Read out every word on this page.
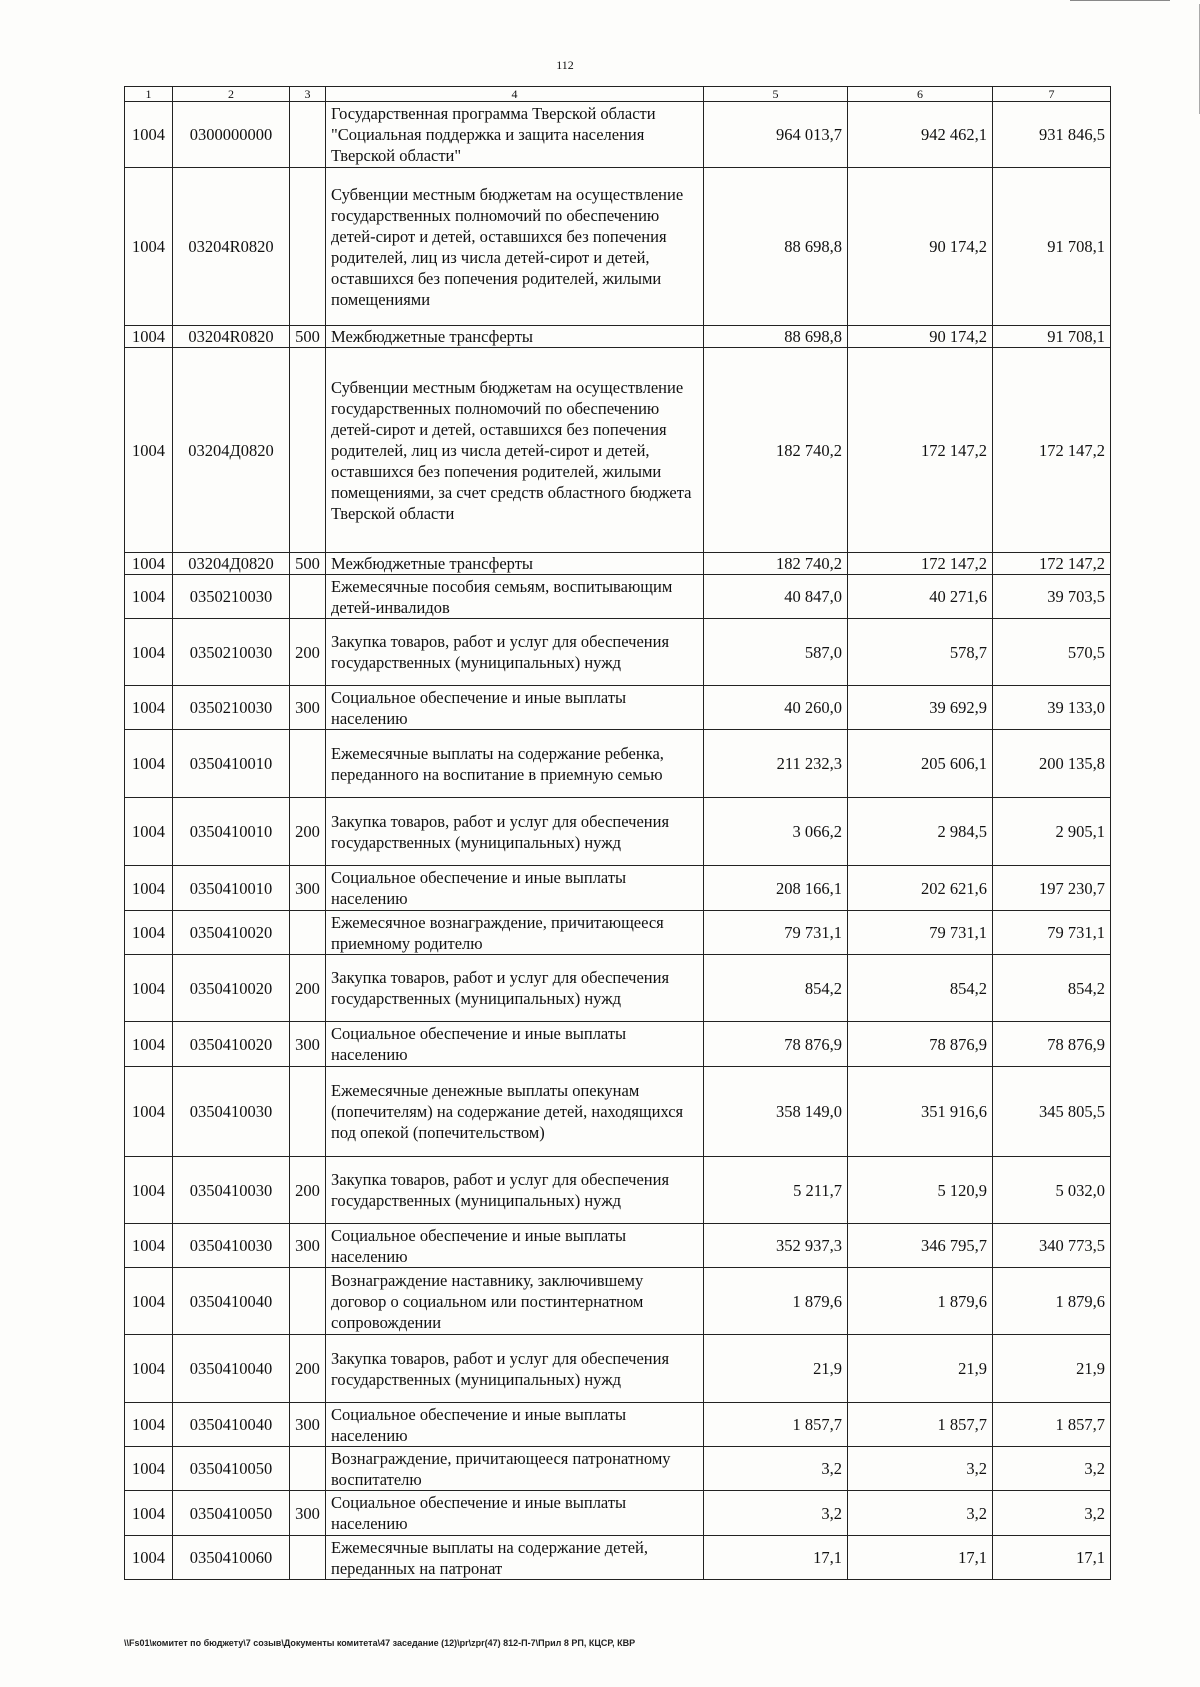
112
1	2	3	4	5	6	7
1004	0300000000		Государственная программа Тверской области "Социальная поддержка и защита населения Тверской области"	964 013,7	942 462,1	931 846,5
1004	03204R0820		Субвенции местным бюджетам на осуществление государственных полномочий по обеспечению детей-сирот и детей, оставшихся без попечения родителей, лиц из числа детей-сирот и детей, оставшихся без попечения родителей, жилыми помещениями	88 698,8	90 174,2	91 708,1
1004	03204R0820	500	Межбюджетные трансферты	88 698,8	90 174,2	91 708,1
1004	03204Д0820		Субвенции местным бюджетам на осуществление государственных полномочий по обеспечению детей-сирот и детей, оставшихся без попечения родителей, лиц из числа детей-сирот и детей, оставшихся без попечения родителей, жилыми помещениями, за счет средств областного бюджета Тверской области	182 740,2	172 147,2	172 147,2
1004	03204Д0820	500	Межбюджетные трансферты	182 740,2	172 147,2	172 147,2
1004	0350210030		Ежемесячные пособия семьям, воспитывающим детей-инвалидов	40 847,0	40 271,6	39 703,5
1004	0350210030	200	Закупка товаров, работ и услуг для обеспечения государственных (муниципальных) нужд	587,0	578,7	570,5
1004	0350210030	300	Социальное обеспечение и иные выплаты населению	40 260,0	39 692,9	39 133,0
1004	0350410010		Ежемесячные выплаты на содержание ребенка, переданного на воспитание в приемную семью	211 232,3	205 606,1	200 135,8
1004	0350410010	200	Закупка товаров, работ и услуг для обеспечения государственных (муниципальных) нужд	3 066,2	2 984,5	2 905,1
1004	0350410010	300	Социальное обеспечение и иные выплаты населению	208 166,1	202 621,6	197 230,7
1004	0350410020		Ежемесячное вознаграждение, причитающееся приемному родителю	79 731,1	79 731,1	79 731,1
1004	0350410020	200	Закупка товаров, работ и услуг для обеспечения государственных (муниципальных) нужд	854,2	854,2	854,2
1004	0350410020	300	Социальное обеспечение и иные выплаты населению	78 876,9	78 876,9	78 876,9
1004	0350410030		Ежемесячные денежные выплаты опекунам (попечителям) на содержание детей, находящихся под опекой (попечительством)	358 149,0	351 916,6	345 805,5
1004	0350410030	200	Закупка товаров, работ и услуг для обеспечения государственных (муниципальных) нужд	5 211,7	5 120,9	5 032,0
1004	0350410030	300	Социальное обеспечение и иные выплаты населению	352 937,3	346 795,7	340 773,5
1004	0350410040		Вознаграждение наставнику, заключившему договор о социальном или постинтернатном сопровождении	1 879,6	1 879,6	1 879,6
1004	0350410040	200	Закупка товаров, работ и услуг для обеспечения государственных (муниципальных) нужд	21,9	21,9	21,9
1004	0350410040	300	Социальное обеспечение и иные выплаты населению	1 857,7	1 857,7	1 857,7
1004	0350410050		Вознаграждение, причитающееся патронатному воспитателю	3,2	3,2	3,2
1004	0350410050	300	Социальное обеспечение и иные выплаты населению	3,2	3,2	3,2
1004	0350410060		Ежемесячные выплаты на содержание детей, переданных на патронат	17,1	17,1	17,1
\\Fs01\комитет по бюджету\7 созыв\Документы комитета\47 заседание (12)\pr\zpr(47) 812-П-7\Прил 8 РП, КЦСР, КВР
